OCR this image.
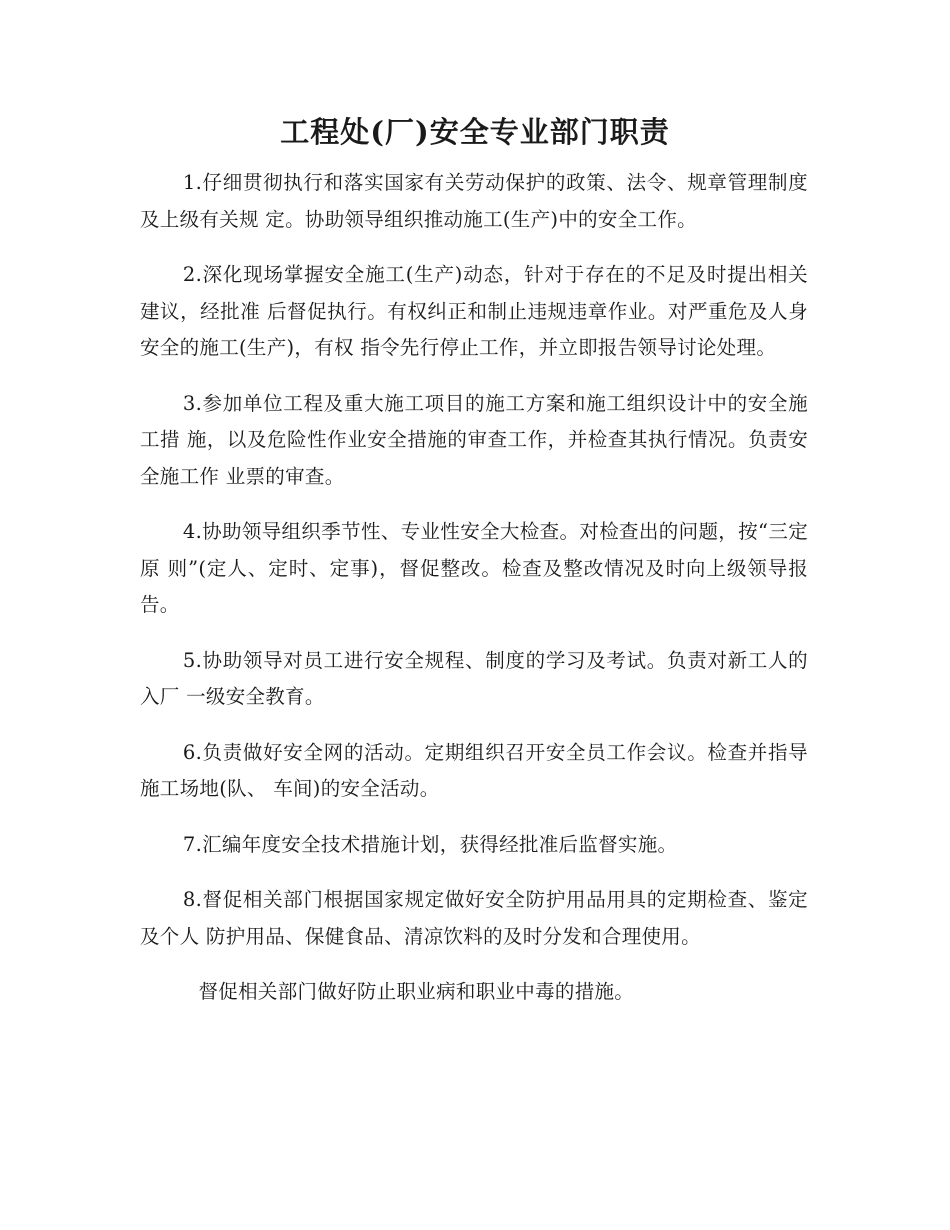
工程处(厂)安全专业部门职责

1.仔细贯彻执行和落实国家有关劳动保护的政策、法令、规章管理制度及上级有关规 定。协助领导组织推动施工(生产)中的安全工作。

2.深化现场掌握安全施工(生产)动态，针对于存在的不足及时提出相关建议，经批准 后督促执行。有权纠正和制止违规违章作业。对严重危及人身安全的施工(生产)，有权 指令先行停止工作，并立即报告领导讨论处理。

3.参加单位工程及重大施工项目的施工方案和施工组织设计中的安全施工措 施，以及危险性作业安全措施的审查工作，并检查其执行情况。负责安全施工作 业票的审查。

4.协助领导组织季节性、专业性安全大检查。对检查出的问题，按“三定原 则”(定人、定时、定事)，督促整改。检查及整改情况及时向上级领导报告。

5.协助领导对员工进行安全规程、制度的学习及考试。负责对新工人的入厂 一级安全教育。

6.负责做好安全网的活动。定期组织召开安全员工作会议。检查并指导施工场地(队、 车间)的安全活动。

7.汇编年度安全技术措施计划，获得经批准后监督实施。

8.督促相关部门根据国家规定做好安全防护用品用具的定期检查、鉴定及个人 防护用品、保健食品、清凉饮料的及时分发和合理使用。

督促相关部门做好防止职业病和职业中毒的措施。
